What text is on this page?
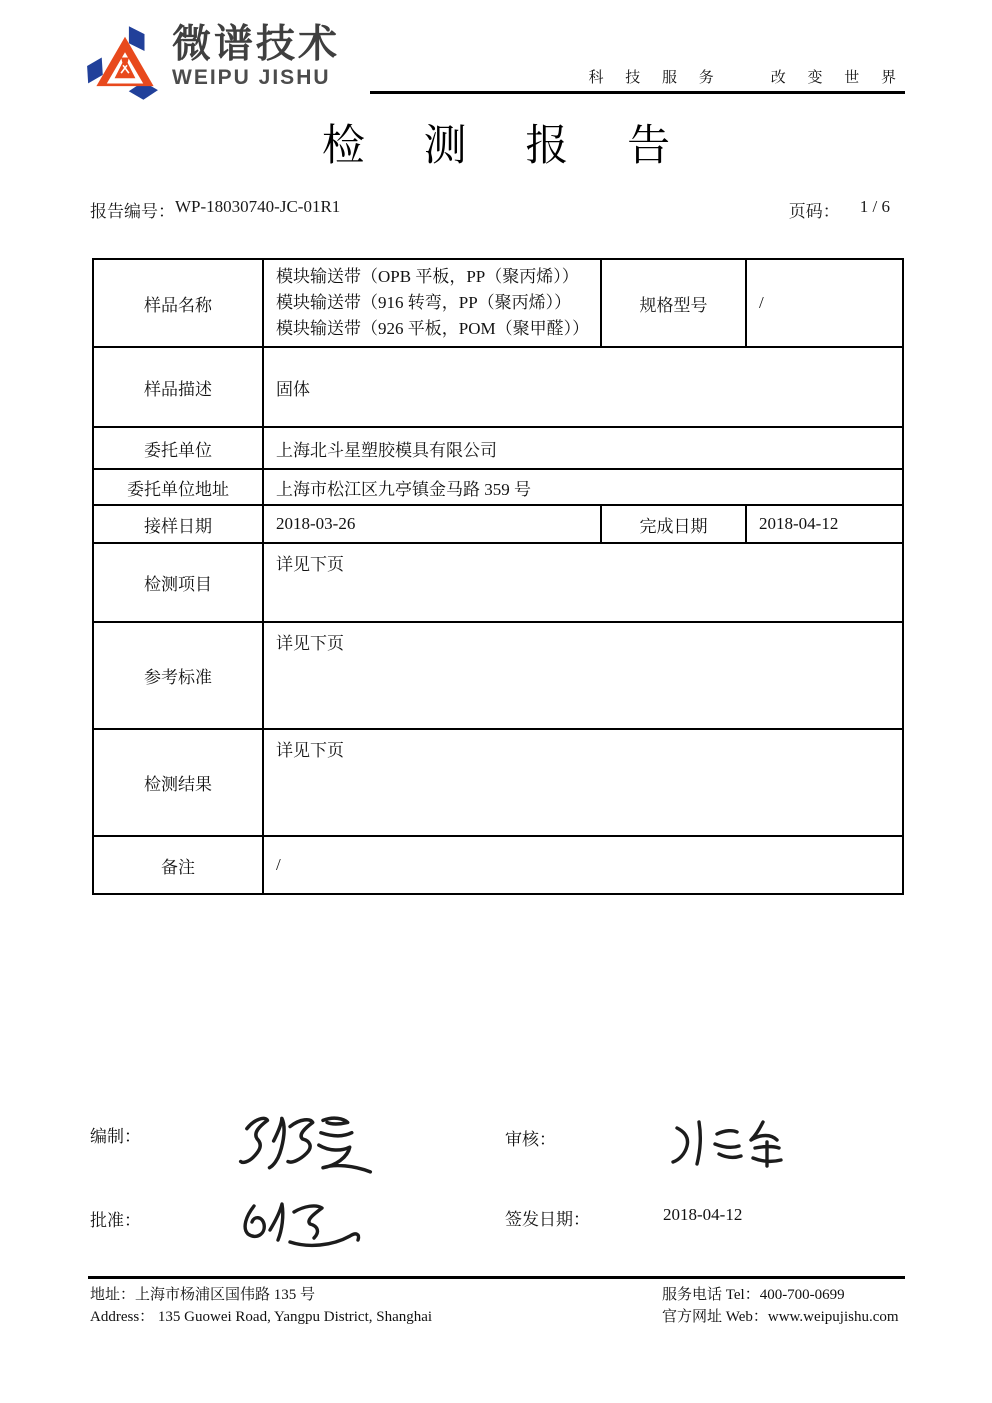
微谱技术
WEIPU JISHU	科 技 服 务　　改 变 世 界
检 测 报 告
报告编号： WP-18030740-JC-01R1	页码： 1 / 6
样品名称	模块输送带（OPB 平板，PP（聚丙烯））
模块输送带（916 转弯，PP（聚丙烯））
模块输送带（926 平板，POM（聚甲醛））	规格型号	/
样品描述	固体		
委托单位	上海北斗星塑胶模具有限公司		
委托单位地址	上海市松江区九亭镇金马路 359 号		
接样日期	2018-03-26	完成日期	2018-04-12
检测项目	详见下页		
参考标准	详见下页		
检测结果	详见下页		
备注	/		
编制：	审核：
批准：	签发日期：	2018-04-12
地址：上海市杨浦区国伟路 135 号
Address： 135 Guowei Road, Yangpu District, Shanghai
服务电话 Tel：400-700-0699
官方网址 Web：www.weipujishu.com
